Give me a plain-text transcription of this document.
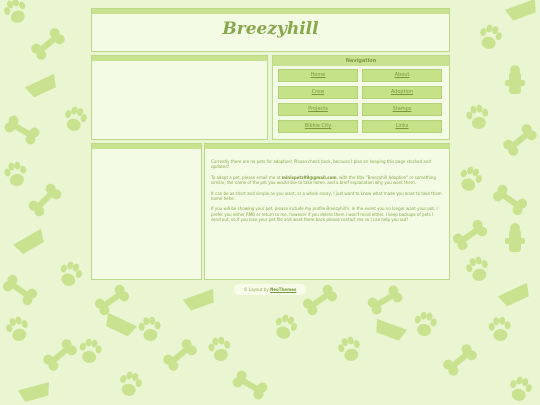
Breezyhill
Navigation
Home	About
Crew	Adoption
Projects	Stamps
Bikkie City	Links

Currently there are no pets for adoption! Please check back, because I plan on keeping this page stocked and updated!

To adopt a pet, please email me at minispetz99@gmail.com, with the title "Breezyhill Adoption" or something similar, the name of the pet you would like to take home, and a brief explanation why you want them.

It can be as short and simple as you want, or a whole essay, I just want to know what made you want to take them home hehe.

If you will be showing your pet, please include my profile Breezyhill's. In the event you no longer want your pet, I prefer you either RMB or return to me, however if you delete them I won't mind either. I keep backups of pets I send out, so if you lose your pet file and want them back please contact me so I can help you out!

© Layout by NeoThemes
